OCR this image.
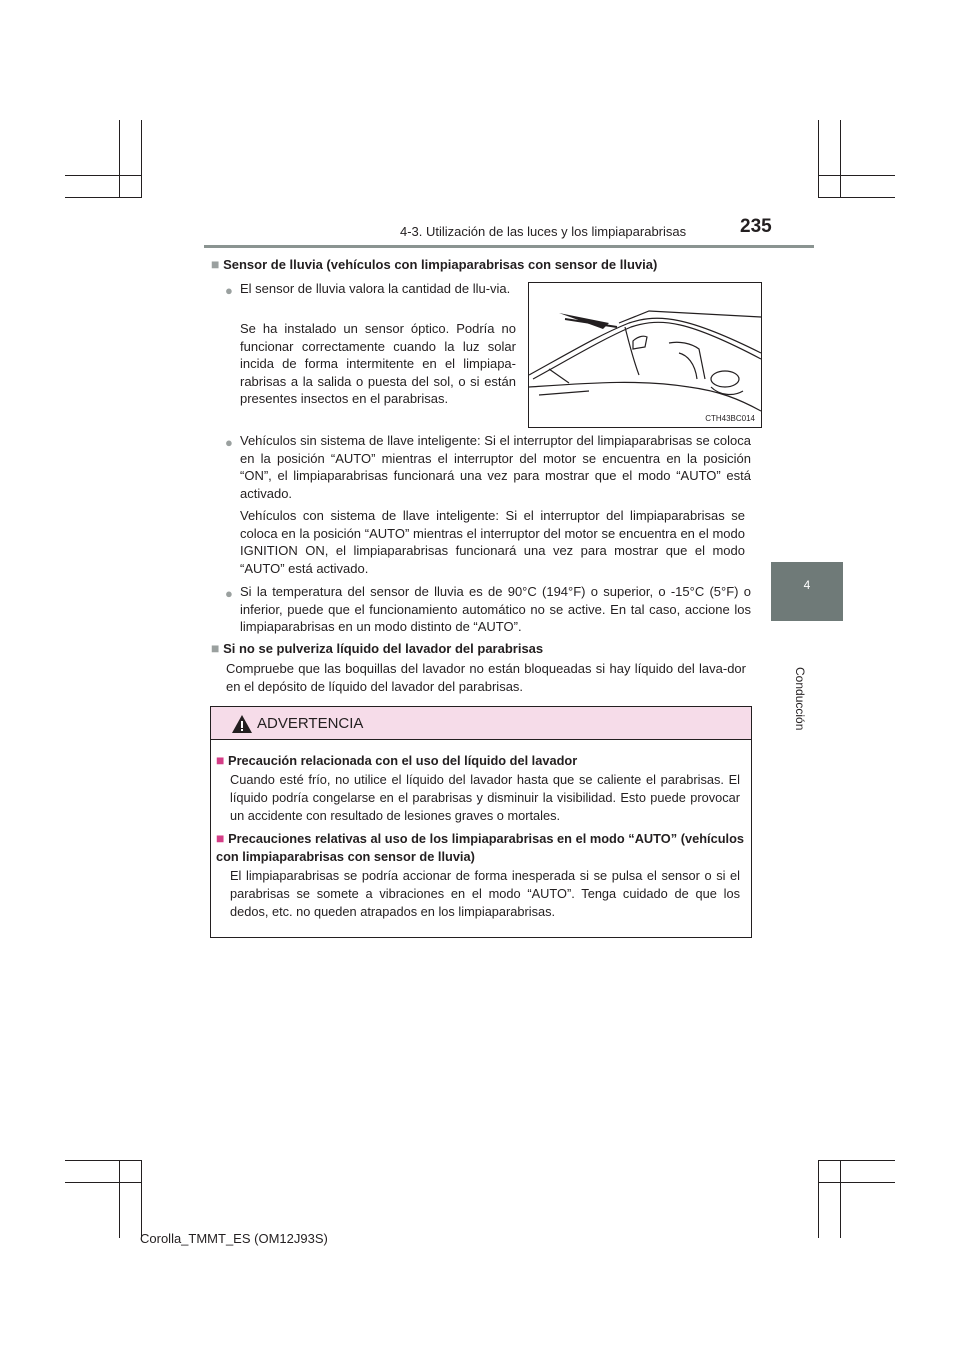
4-3. Utilización de las luces y los limpiaparabrisas	235
4
Conducción
■ Sensor de lluvia (vehículos con limpiaparabrisas con sensor de lluvia)
● El sensor de lluvia valora la cantidad de llu-via.
Se ha instalado un sensor óptico. Podría no funcionar correctamente cuando la luz solar incida de forma intermitente en el limpiapa-rabrisas a la salida o puesta del sol, o si están presentes insectos en el parabrisas.
CTH43BC014
● Vehículos sin sistema de llave inteligente: Si el interruptor del limpiaparabrisas se coloca en la posición “AUTO” mientras el interruptor del motor se encuentra en la posición “ON”, el limpiaparabrisas funcionará una vez para mostrar que el modo “AUTO” está activado.
Vehículos con sistema de llave inteligente: Si el interruptor del limpiaparabrisas se coloca en la posición “AUTO” mientras el interruptor del motor se encuentra en el modo IGNITION ON, el limpiaparabrisas funcionará una vez para mostrar que el modo “AUTO” está activado.
● Si la temperatura del sensor de lluvia es de 90°C (194°F) o superior, o -15°C (5°F) o inferior, puede que el funcionamiento automático no se active. En tal caso, accione los limpiaparabrisas en un modo distinto de “AUTO”.
■ Si no se pulveriza líquido del lavador del parabrisas
Compruebe que las boquillas del lavador no están bloqueadas si hay líquido del lava-dor en el depósito de líquido del lavador del parabrisas.
ADVERTENCIA
■ Precaución relacionada con el uso del líquido del lavador
Cuando esté frío, no utilice el líquido del lavador hasta que se caliente el parabrisas. El líquido podría congelarse en el parabrisas y disminuir la visibilidad. Esto puede provocar un accidente con resultado de lesiones graves o mortales.
■ Precauciones relativas al uso de los limpiaparabrisas en el modo “AUTO” (vehículos con limpiaparabrisas con sensor de lluvia)
El limpiaparabrisas se podría accionar de forma inesperada si se pulsa el sensor o si el parabrisas se somete a vibraciones en el modo “AUTO”. Tenga cuidado de que los dedos, etc. no queden atrapados en los limpiaparabrisas.
Corolla_TMMT_ES (OM12J93S)
